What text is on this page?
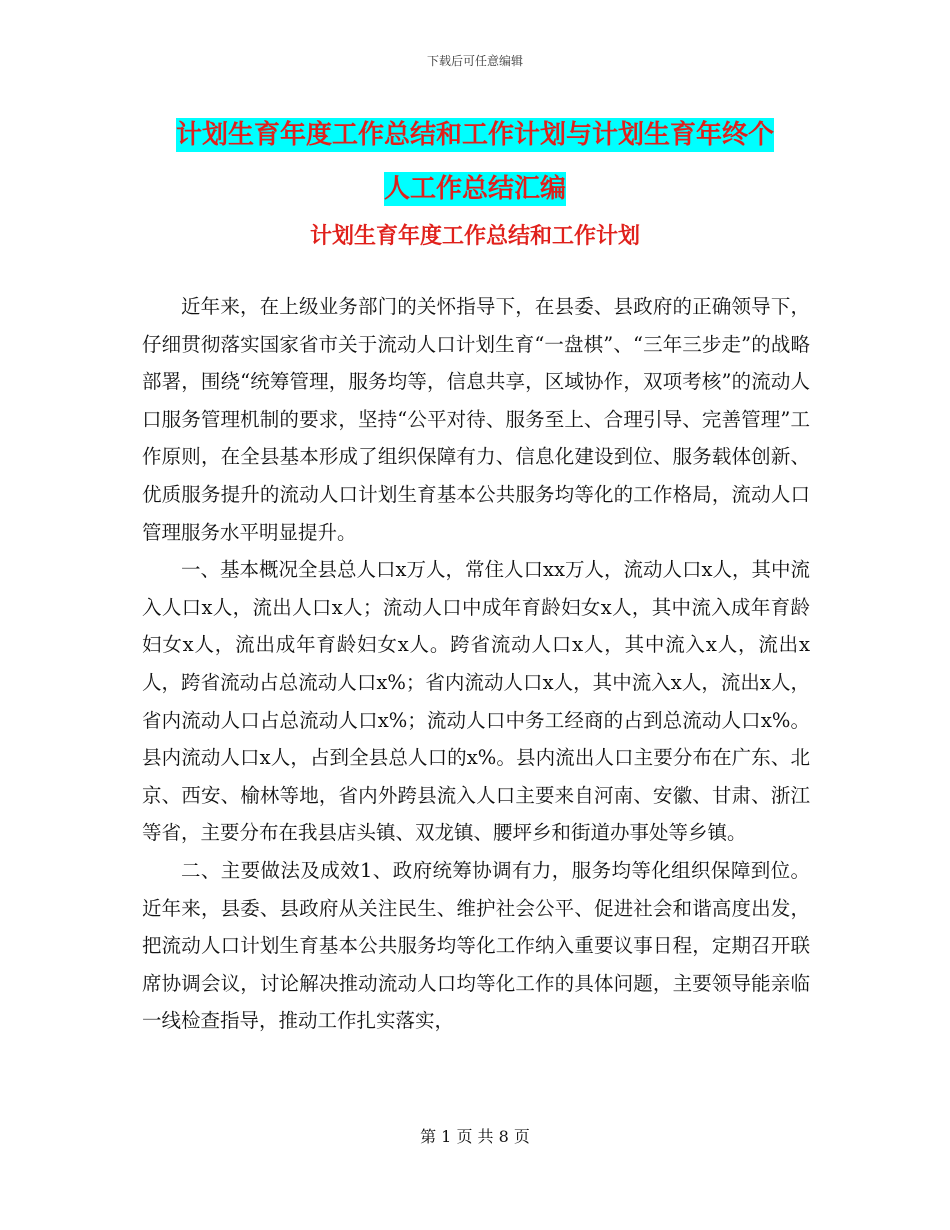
下载后可任意编辑
计划生育年度工作总结和工作计划与计划生育年终个
人工作总结汇编
计划生育年度工作总结和工作计划

近年来，在上级业务部门的关怀指导下，在县委、县政府的正确领导下，仔细贯彻落实国家省市关于流动人口计划生育“一盘棋”、“三年三步走”的战略部署，围绕“统筹管理，服务均等，信息共享，区域协作，双项考核”的流动人口服务管理机制的要求，坚持“公平对待、服务至上、合理引导、完善管理”工作原则，在全县基本形成了组织保障有力、信息化建设到位、服务载体创新、优质服务提升的流动人口计划生育基本公共服务均等化的工作格局，流动人口管理服务水平明显提升。

一、基本概况全县总人口x万人，常住人口xx万人，流动人口x人，其中流入人口x人，流出人口x人；流动人口中成年育龄妇女x人，其中流入成年育龄妇女x人，流出成年育龄妇女x人。跨省流动人口x人，其中流入x人，流出x人，跨省流动占总流动人口x%；省内流动人口x人，其中流入x人，流出x人，省内流动人口占总流动人口x%；流动人口中务工经商的占到总流动人口x%。县内流动人口x人，占到全县总人口的x%。县内流出人口主要分布在广东、北京、西安、榆林等地，省内外跨县流入人口主要来自河南、安徽、甘肃、浙江等省，主要分布在我县店头镇、双龙镇、腰坪乡和街道办事处等乡镇。

二、主要做法及成效1、政府统筹协调有力，服务均等化组织保障到位。近年来，县委、县政府从关注民生、维护社会公平、促进社会和谐高度出发，把流动人口计划生育基本公共服务均等化工作纳入重要议事日程，定期召开联席协调会议，讨论解决推动流动人口均等化工作的具体问题，主要领导能亲临一线检查指导，推动工作扎实落实，

第 1 页 共 8 页
